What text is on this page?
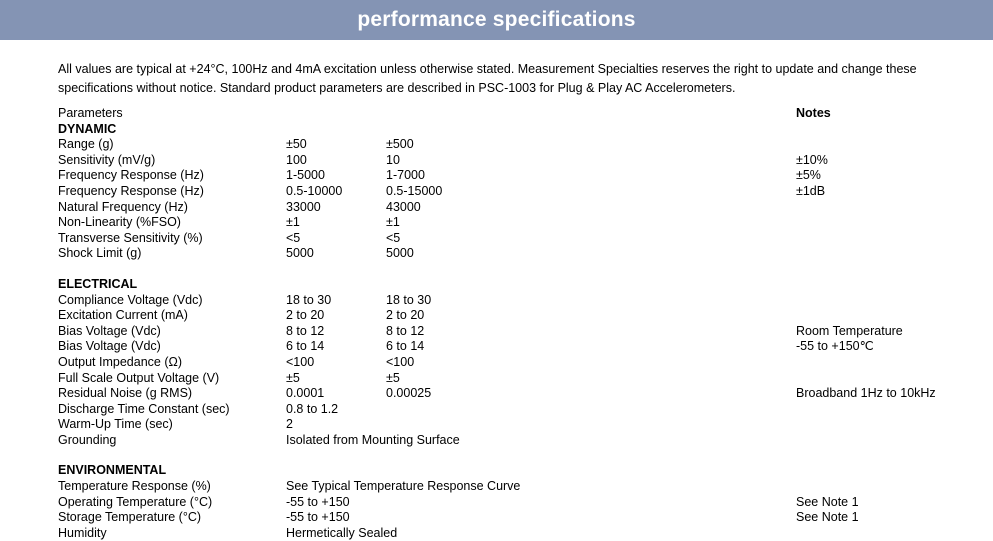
performance specifications
All values are typical at +24°C, 100Hz and 4mA excitation unless otherwise stated. Measurement Specialties reserves the right to update and change these specifications without notice. Standard product parameters are described in PSC-1003 for Plug & Play AC Accelerometers.
Parameters			Notes
DYNAMIC			
Range (g)	±50	±500	
Sensitivity (mV/g)	100	10	±10%
Frequency Response (Hz)	1-5000	1-7000	±5%
Frequency Response (Hz)	0.5-10000	0.5-15000	±1dB
Natural Frequency (Hz)	33000	43000	
Non-Linearity (%FSO)	±1	±1	
Transverse Sensitivity (%)	<5	<5	
Shock Limit (g)	5000	5000	

ELECTRICAL			
Compliance Voltage (Vdc)	18 to 30	18 to 30	
Excitation Current (mA)	2 to 20	2 to 20	
Bias Voltage (Vdc)	8 to 12	8 to 12	Room Temperature
Bias Voltage (Vdc)	6 to 14	6 to 14	-55 to +150℃
Output Impedance (Ω)	<100	<100	
Full Scale Output Voltage (V)	±5	±5	
Residual Noise (g RMS)	0.0001	0.00025	Broadband 1Hz to 10kHz
Discharge Time Constant (sec)	0.8 to 1.2		
Warm-Up Time (sec)	2		
Grounding	Isolated from Mounting Surface		

ENVIRONMENTAL			
Temperature Response (%)	See Typical Temperature Response Curve		
Operating Temperature (°C)	-55 to +150		See Note 1
Storage Temperature (°C)	-55 to +150		See Note 1
Humidity	Hermetically Sealed		
